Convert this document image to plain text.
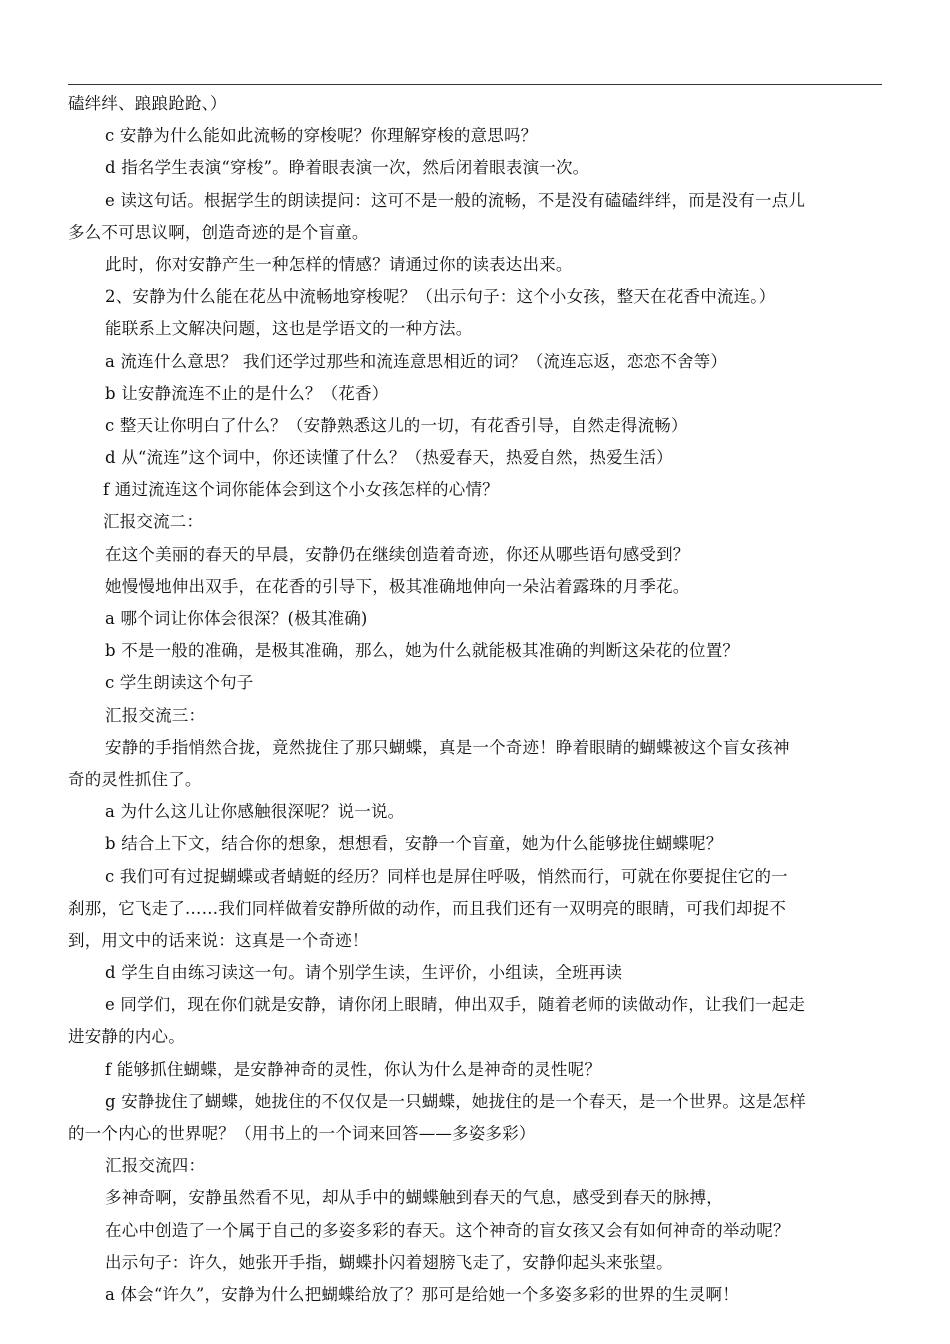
磕绊绊、踉踉跄跄、）
c 安静为什么能如此流畅的穿梭呢？你理解穿梭的意思吗？
d 指名学生表演“穿梭”。睁着眼表演一次，然后闭着眼表演一次。
e 读这句话。根据学生的朗读提问：这可不是一般的流畅，不是没有磕磕绊绊，而是没有一点儿
多么不可思议啊，创造奇迹的是个盲童。
此时，你对安静产生一种怎样的情感？请通过你的读表达出来。
2、安静为什么能在花丛中流畅地穿梭呢？（出示句子：这个小女孩，整天在花香中流连。）
能联系上文解决问题，这也是学语文的一种方法。
a 流连什么意思？ 我们还学过那些和流连意思相近的词？（流连忘返，恋恋不舍等）
b 让安静流连不止的是什么？（花香）
c 整天让你明白了什么？（安静熟悉这儿的一切，有花香引导，自然走得流畅）
d 从“流连”这个词中，你还读懂了什么？（热爱春天，热爱自然，热爱生活）
f 通过流连这个词你能体会到这个小女孩怎样的心情？
汇报交流二：
在这个美丽的春天的早晨，安静仍在继续创造着奇迹，你还从哪些语句感受到？
她慢慢地伸出双手，在花香的引导下，极其准确地伸向一朵沾着露珠的月季花。
a 哪个词让你体会很深？(极其准确)
b 不是一般的准确，是极其准确，那么，她为什么就能极其准确的判断这朵花的位置？
c 学生朗读这个句子
汇报交流三：
安静的手指悄然合拢，竟然拢住了那只蝴蝶，真是一个奇迹！睁着眼睛的蝴蝶被这个盲女孩神
奇的灵性抓住了。
a 为什么这儿让你感触很深呢？说一说。
b 结合上下文，结合你的想象，想想看，安静一个盲童，她为什么能够拢住蝴蝶呢？
c 我们可有过捉蝴蝶或者蜻蜓的经历？同样也是屏住呼吸，悄然而行，可就在你要捉住它的一
刹那，它飞走了……我们同样做着安静所做的动作，而且我们还有一双明亮的眼睛，可我们却捉不
到，用文中的话来说：这真是一个奇迹！
d 学生自由练习读这一句。请个别学生读，生评价，小组读，全班再读
e 同学们，现在你们就是安静，请你闭上眼睛，伸出双手，随着老师的读做动作，让我们一起走
进安静的内心。
f 能够抓住蝴蝶，是安静神奇的灵性，你认为什么是神奇的灵性呢？
g 安静拢住了蝴蝶，她拢住的不仅仅是一只蝴蝶，她拢住的是一个春天，是一个世界。这是怎样
的一个内心的世界呢？（用书上的一个词来回答——多姿多彩）
汇报交流四：
多神奇啊，安静虽然看不见，却从手中的蝴蝶触到春天的气息，感受到春天的脉搏，
在心中创造了一个属于自己的多姿多彩的春天。这个神奇的盲女孩又会有如何神奇的举动呢？
出示句子：许久，她张开手指，蝴蝶扑闪着翅膀飞走了，安静仰起头来张望。
a 体会“许久”，安静为什么把蝴蝶给放了？那可是给她一个多姿多彩的世界的生灵啊！
